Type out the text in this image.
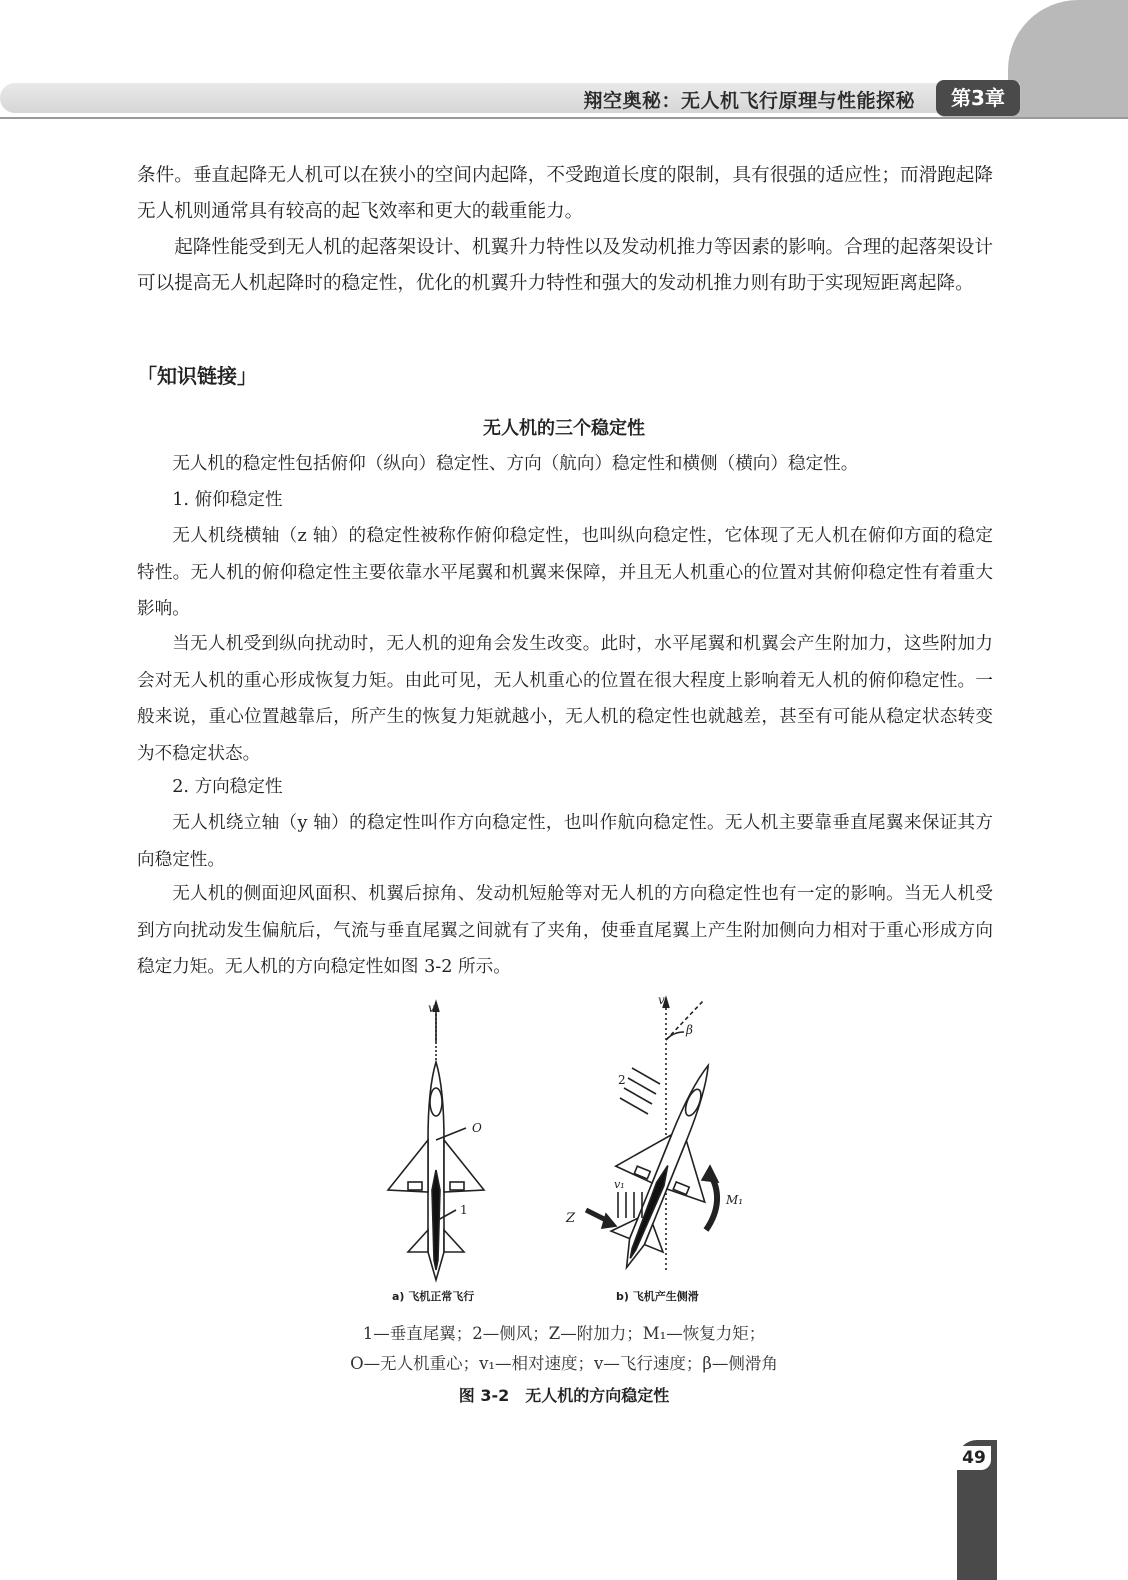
翔空奥秘：无人机飞行原理与性能探秘	第3章

条件。垂直起降无人机可以在狭小的空间内起降，不受跑道长度的限制，具有很强的适应性；而滑跑起降无人机则通常具有较高的起飞效率和更大的载重能力。

起降性能受到无人机的起落架设计、机翼升力特性以及发动机推力等因素的影响。合理的起落架设计可以提高无人机起降时的稳定性，优化的机翼升力特性和强大的发动机推力则有助于实现短距离起降。

「知识链接」
无人机的三个稳定性

无人机的稳定性包括俯仰（纵向）稳定性、方向（航向）稳定性和横侧（横向）稳定性。

1. 俯仰稳定性

无人机绕横轴（z 轴）的稳定性被称作俯仰稳定性，也叫纵向稳定性，它体现了无人机在俯仰方面的稳定特性。无人机的俯仰稳定性主要依靠水平尾翼和机翼来保障，并且无人机重心的位置对其俯仰稳定性有着重大影响。

当无人机受到纵向扰动时，无人机的迎角会发生改变。此时，水平尾翼和机翼会产生附加力，这些附加力会对无人机的重心形成恢复力矩。由此可见，无人机重心的位置在很大程度上影响着无人机的俯仰稳定性。一般来说，重心位置越靠后，所产生的恢复力矩就越小，无人机的稳定性也就越差，甚至有可能从稳定状态转变为不稳定状态。

2. 方向稳定性

无人机绕立轴（y 轴）的稳定性叫作方向稳定性，也叫作航向稳定性。无人机主要靠垂直尾翼来保证其方向稳定性。

无人机的侧面迎风面积、机翼后掠角、发动机短舱等对无人机的方向稳定性也有一定的影响。当无人机受到方向扰动发生偏航后，气流与垂直尾翼之间就有了夹角，使垂直尾翼上产生附加侧向力相对于重心形成方向稳定力矩。无人机的方向稳定性如图 3-2 所示。

v
O
1
v
β
2
v₁
Z
M₁
a) 飞机正常飞行	b) 飞机产生侧滑
1—垂直尾翼；2—侧风；Z—附加力；M₁—恢复力矩；
O—无人机重心；v₁—相对速度；v—飞行速度；β—侧滑角
图 3-2　无人机的方向稳定性
49
